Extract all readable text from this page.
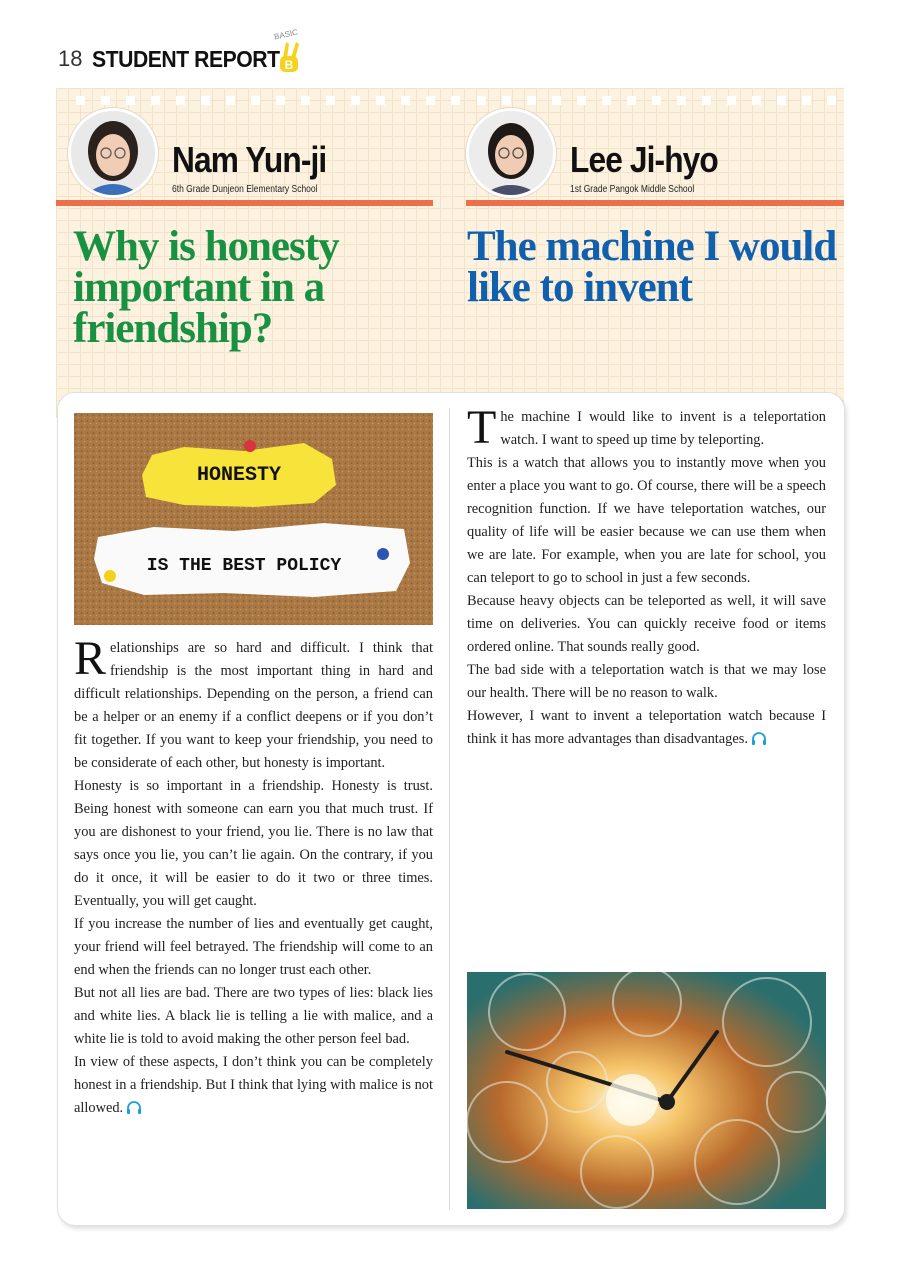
18 STUDENT REPORT
BASIC
B
Nam Yun-ji
6th Grade Dunjeon Elementary School
Lee Ji-hyo
1st Grade Pangok Middle School
Why is honesty important in a friendship?
The machine I would like to invent
HONESTY
IS THE BEST POLICY

Relationships are so hard and difficult. I think that friendship is the most important thing in hard and difficult relationships. Depending on the person, a friend can be a helper or an enemy if a conflict deepens or if you don’t fit together. If you want to keep your friendship, you need to be considerate of each other, but honesty is important.

Honesty is so important in a friendship. Honesty is trust. Being honest with someone can earn you that much trust. If you are dishonest to your friend, you lie. There is no law that says once you lie, you can’t lie again. On the contrary, if you do it once, it will be easier to do it two or three times. Eventually, you will get caught.

If you increase the number of lies and eventually get caught, your friend will feel betrayed. The friendship will come to an end when the friends can no longer trust each other.

But not all lies are bad. There are two types of lies: black lies and white lies. A black lie is telling a lie with malice, and a white lie is told to avoid making the other person feel bad.

In view of these aspects, I don’t think you can be completely honest in a friendship. But I think that lying with malice is not allowed.

The machine I would like to invent is a teleportation watch. I want to speed up time by teleporting.

This is a watch that allows you to instantly move when you enter a place you want to go. Of course, there will be a speech recognition function. If we have teleportation watches, our quality of life will be easier because we can use them when we are late. For example, when you are late for school, you can teleport to go to school in just a few seconds.

Because heavy objects can be teleported as well, it will save time on deliveries. You can quickly receive food or items ordered online. That sounds really good.

The bad side with a teleportation watch is that we may lose our health. There will be no reason to walk.

However, I want to invent a teleportation watch because I think it has more advantages than disadvantages.
